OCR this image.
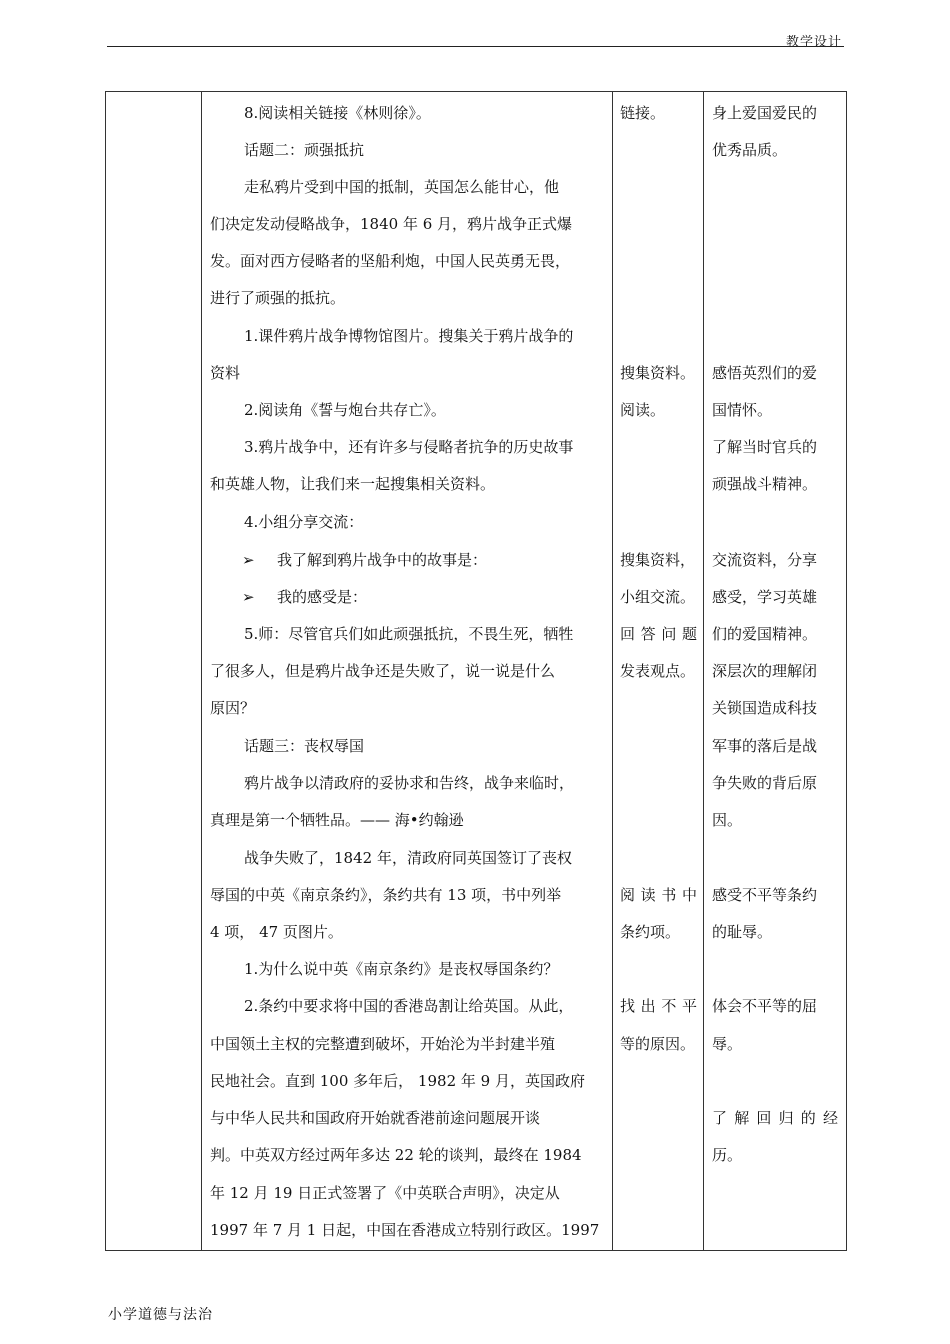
教学设计
8.阅读相关链接《林则徐》。
话题二：顽强抵抗
走私鸦片受到中国的抵制，英国怎么能甘心，他
们决定发动侵略战争，1840 年 6 月，鸦片战争正式爆
发。面对西方侵略者的坚船利炮，中国人民英勇无畏，
进行了顽强的抵抗。
1.课件鸦片战争博物馆图片。搜集关于鸦片战争的
资料
2.阅读角《誓与炮台共存亡》。
3.鸦片战争中，还有许多与侵略者抗争的历史故事
和英雄人物，让我们来一起搜集相关资料。
4.小组分享交流：
➢ 我了解到鸦片战争中的故事是：
➢ 我的感受是：
5.师：尽管官兵们如此顽强抵抗，不畏生死，牺牲
了很多人，但是鸦片战争还是失败了，说一说是什么
原因？
话题三：丧权辱国
鸦片战争以清政府的妥协求和告终，战争来临时，
真理是第一个牺牲品。—— 海•约翰逊
战争失败了，1842 年，清政府同英国签订了丧权
辱国的中英《南京条约》，条约共有 13 项，书中列举
4 项， 47 页图片。
1.为什么说中英《南京条约》是丧权辱国条约？
2.条约中要求将中国的香港岛割让给英国。从此，
中国领土主权的完整遭到破坏，开始沦为半封建半殖
民地社会。直到 100 多年后， 1982 年 9 月，英国政府
与中华人民共和国政府开始就香港前途问题展开谈
判。中英双方经过两年多达 22 轮的谈判，最终在 1984
年 12 月 19 日正式签署了《中英联合声明》，决定从
1997 年 7 月 1 日起，中国在香港成立特别行政区。1997
链接。
搜集资料。
阅读。
搜集资料，
小组交流。
回 答 问 题
发表观点。
阅 读 书 中
条约项。
找 出 不 平
等的原因。
身上爱国爱民的
优秀品质。
感悟英烈们的爱
国情怀。
了解当时官兵的
顽强战斗精神。
交流资料，分享
感受，学习英雄
们的爱国精神。
深层次的理解闭
关锁国造成科技
军事的落后是战
争失败的背后原
因。
感受不平等条约
的耻辱。
体会不平等的屈
辱。
了 解 回 归 的 经
历。
小学道德与法治
